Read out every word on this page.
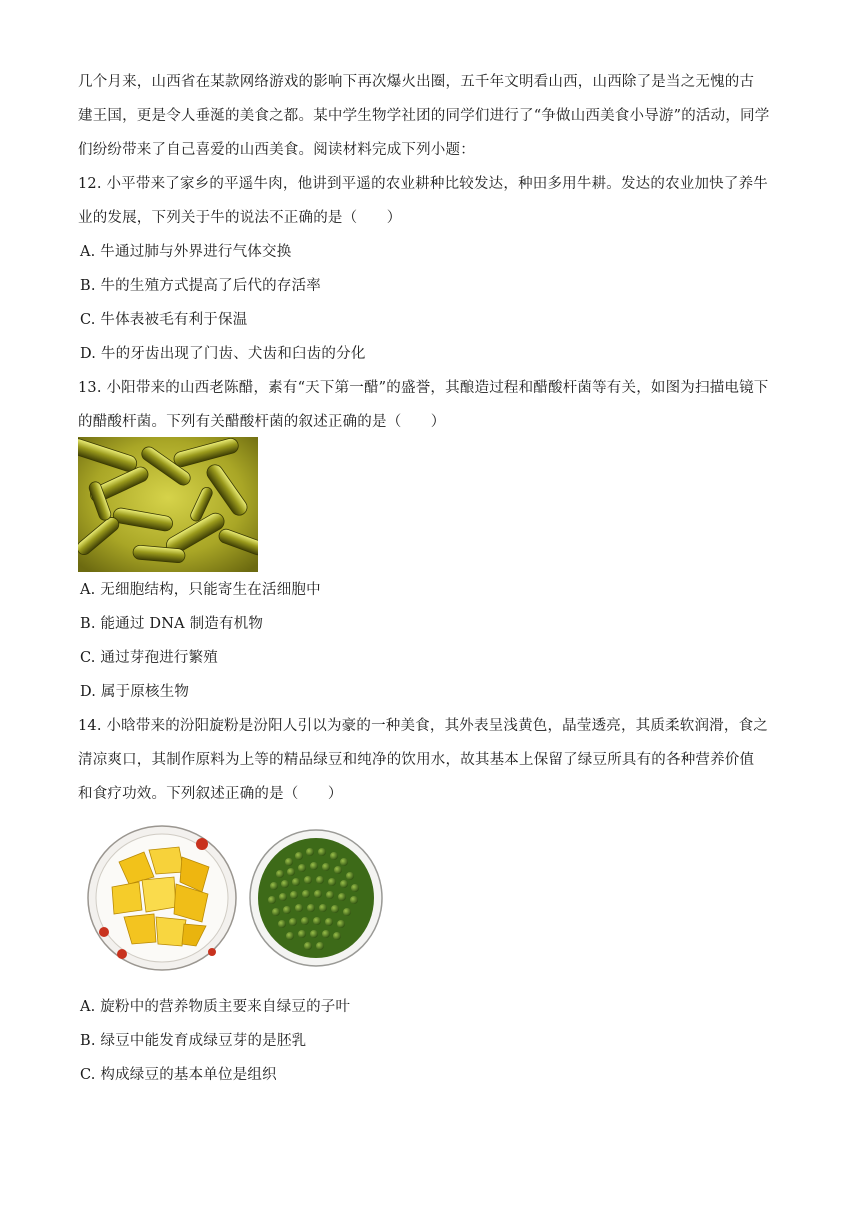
几个月来，山西省在某款网络游戏的影响下再次爆火出圈，五千年文明看山西，山西除了是当之无愧的古
建王国，更是令人垂涎的美食之都。某中学生物学社团的同学们进行了“争做山西美食小导游”的活动，同学
们纷纷带来了自己喜爱的山西美食。阅读材料完成下列小题：
12. 小平带来了家乡的平遥牛肉，他讲到平遥的农业耕种比较发达，种田多用牛耕。发达的农业加快了养牛
业的发展，下列关于牛的说法不正确的是（　　）
A. 牛通过肺与外界进行气体交换
B. 牛的生殖方式提高了后代的存活率
C. 牛体表被毛有利于保温
D. 牛的牙齿出现了门齿、犬齿和臼齿的分化
13. 小阳带来的山西老陈醋，素有“天下第一醋”的盛誉，其酿造过程和醋酸杆菌等有关，如图为扫描电镜下
的醋酸杆菌。下列有关醋酸杆菌的叙述正确的是（　　）
A. 无细胞结构，只能寄生在活细胞中
B. 能通过 DNA 制造有机物
C. 通过芽孢进行繁殖
D. 属于原核生物
14. 小晗带来的汾阳旋粉是汾阳人引以为豪的一种美食，其外表呈浅黄色，晶莹透亮，其质柔软润滑，食之
清凉爽口，其制作原料为上等的精品绿豆和纯净的饮用水，故其基本上保留了绿豆所具有的各种营养价值
和食疗功效。下列叙述正确的是（　　）
A. 旋粉中的营养物质主要来自绿豆的子叶
B. 绿豆中能发育成绿豆芽的是胚乳
C. 构成绿豆的基本单位是组织
